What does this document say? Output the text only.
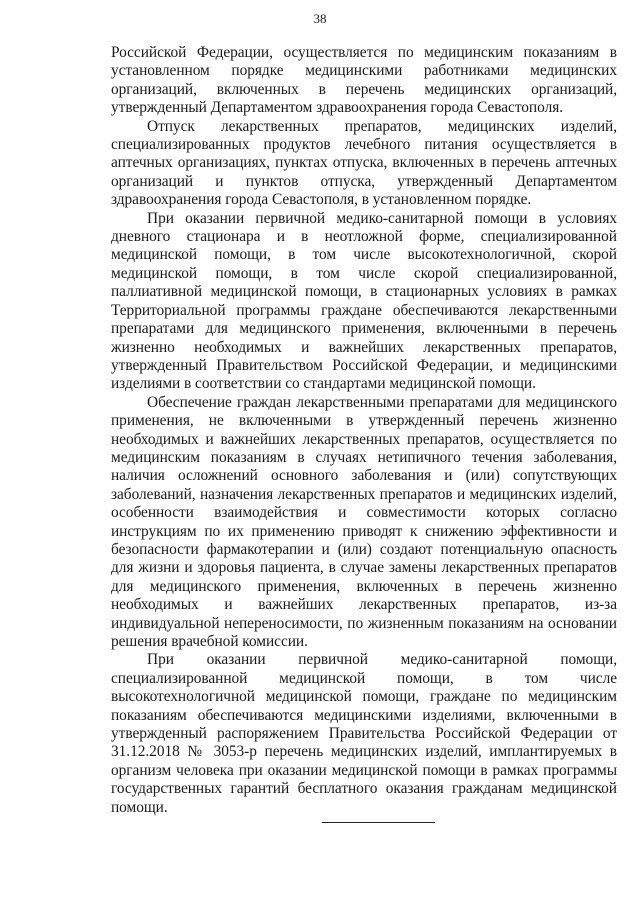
38

Российской Федерации, осуществляется по медицинским показаниям в установленном порядке медицинскими работниками медицинских организаций, включенных в перечень медицинских организаций, утвержденный Департаментом здравоохранения города Севастополя.

Отпуск лекарственных препаратов, медицинских изделий, специализированных продуктов лечебного питания осуществляется в аптечных организациях, пунктах отпуска, включенных в перечень аптечных организаций и пунктов отпуска, утвержденный Департаментом здравоохранения города Севастополя, в установленном порядке.

При оказании первичной медико-санитарной помощи в условиях дневного стационара и в неотложной форме, специализированной медицинской помощи, в том числе высокотехнологичной, скорой медицинской помощи, в том числе скорой специализированной, паллиативной медицинской помощи, в стационарных условиях в рамках Территориальной программы граждане обеспечиваются лекарственными препаратами для медицинского применения, включенными в перечень жизненно необходимых и важнейших лекарственных препаратов, утвержденный Правительством Российской Федерации, и медицинскими изделиями в соответствии со стандартами медицинской помощи.

Обеспечение граждан лекарственными препаратами для медицинского применения, не включенными в утвержденный перечень жизненно необходимых и важнейших лекарственных препаратов, осуществляется по медицинским показаниям в случаях нетипичного течения заболевания, наличия осложнений основного заболевания и (или) сопутствующих заболеваний, назначения лекарственных препаратов и медицинских изделий, особенности взаимодействия и совместимости которых согласно инструкциям по их применению приводят к снижению эффективности и безопасности фармакотерапии и (или) создают потенциальную опасность для жизни и здоровья пациента, в случае замены лекарственных препаратов для медицинского применения, включенных в перечень жизненно необходимых и важнейших лекарственных препаратов, из-за индивидуальной непереносимости, по жизненным показаниям на основании решения врачебной комиссии.

При оказании первичной медико-санитарной помощи, специализированной медицинской помощи, в том числе высокотехнологичной медицинской помощи, граждане по медицинским показаниям обеспечиваются медицинскими изделиями, включенными в утвержденный распоряжением Правительства Российской Федерации от 31.12.2018 № 3053-р перечень медицинских изделий, имплантируемых в организм человека при оказании медицинской помощи в рамках программы государственных гарантий бесплатного оказания гражданам медицинской помощи.
